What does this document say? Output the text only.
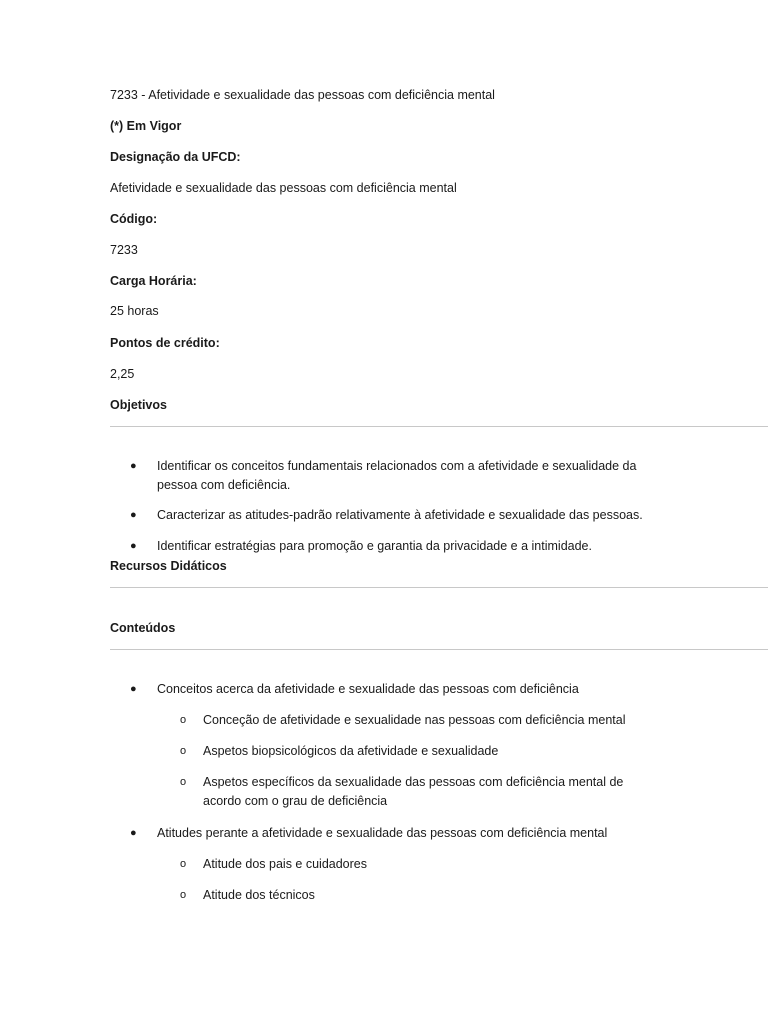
7233 - Afetividade e sexualidade das pessoas com deficiência mental
(*) Em Vigor
Designação da UFCD:
Afetividade e sexualidade das pessoas com deficiência mental
Código:
7233
Carga Horária:
25 horas
Pontos de crédito:
2,25
Objetivos
●	Identificar os conceitos fundamentais relacionados com a afetividade e sexualidade da pessoa com deficiência.
●	Caracterizar as atitudes-padrão relativamente à afetividade e sexualidade das pessoas.
●	Identificar estratégias para promoção e garantia da privacidade e a intimidade.
Recursos Didáticos
Conteúdos
●	Conceitos acerca da afetividade e sexualidade das pessoas com deficiência
o	Conceção de afetividade e sexualidade nas pessoas com deficiência mental
o	Aspetos biopsicológicos da afetividade e sexualidade
o	Aspetos específicos da sexualidade das pessoas com deficiência mental de acordo com o grau de deficiência
●	Atitudes perante a afetividade e sexualidade das pessoas com deficiência mental
o	Atitude dos pais e cuidadores
o	Atitude dos técnicos
